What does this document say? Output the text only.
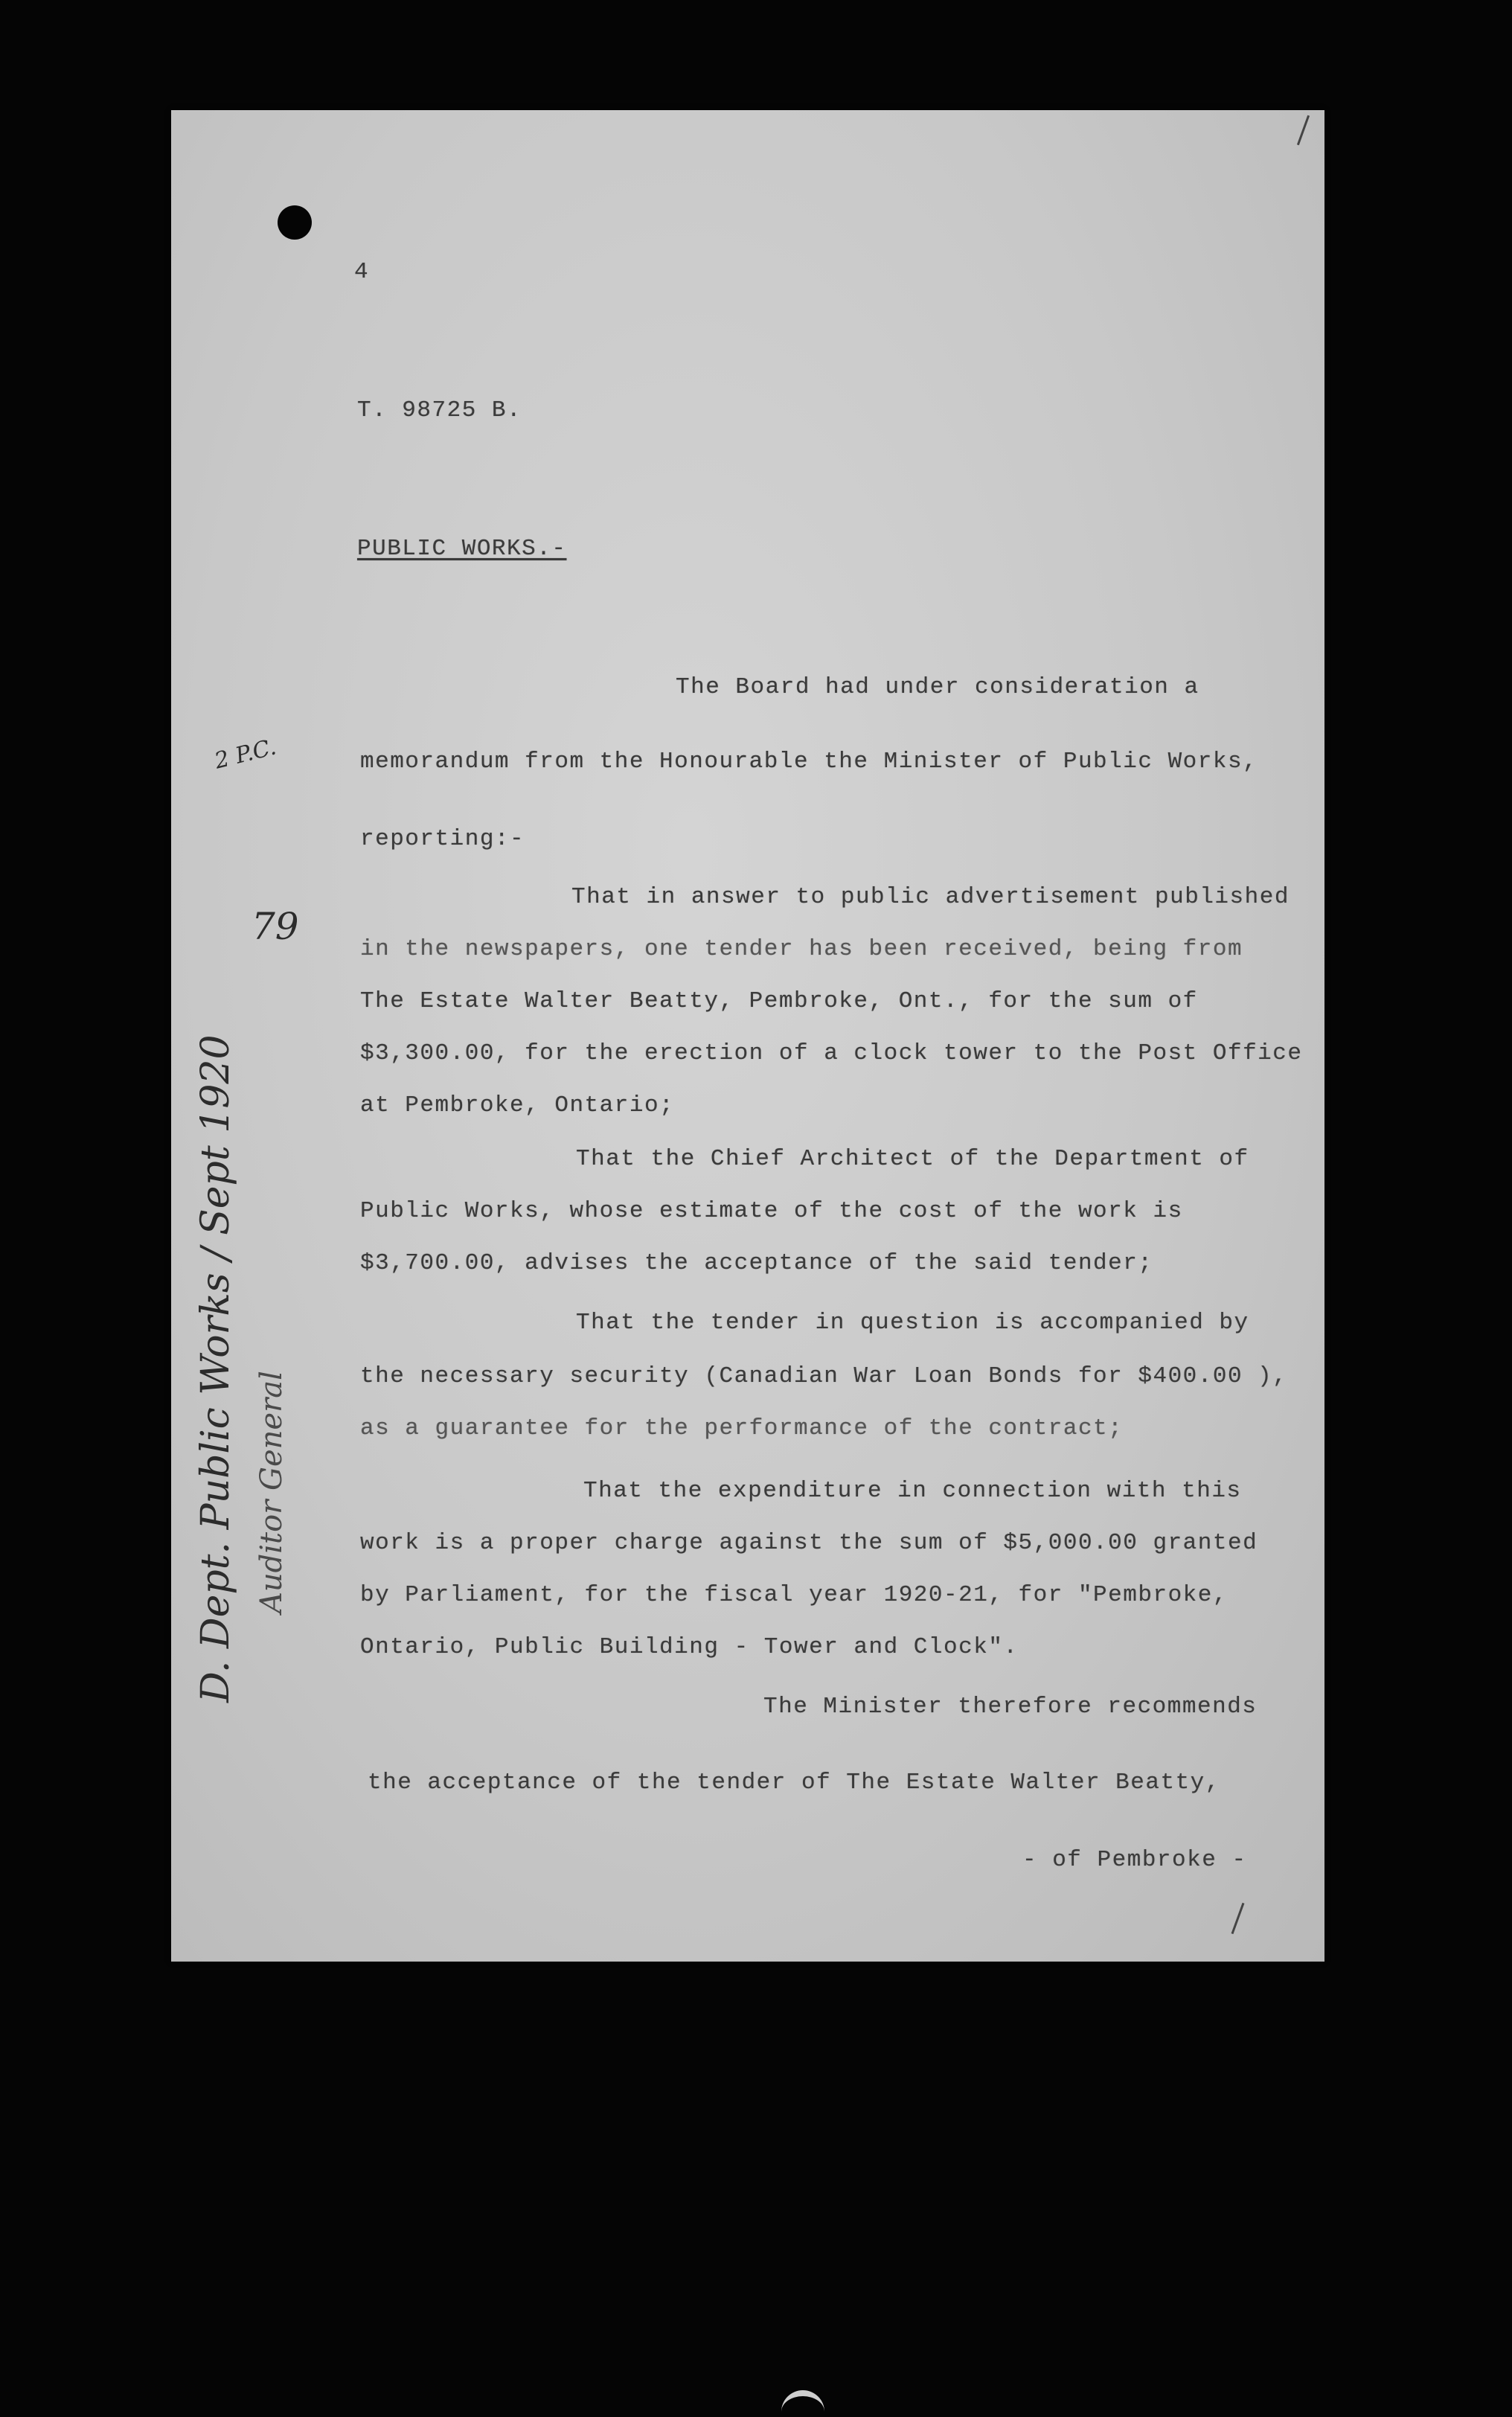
4
T. 98725 B.
PUBLIC WORKS.-
The Board had under consideration a
memorandum from the Honourable the Minister of Public Works,
reporting:-
That in answer to public advertisement published
in the newspapers, one tender has been received, being from
The Estate Walter Beatty, Pembroke, Ont., for the sum of
$3,300.00, for the erection of a clock tower to the Post Office
at Pembroke, Ontario;
That the Chief Architect of the Department of
Public Works, whose estimate of the cost of the work is
$3,700.00, advises the acceptance of the said tender;
That the tender in question is accompanied by
the necessary security (Canadian War Loan Bonds for $400.00 ),
as a guarantee for the performance of the contract;
That the expenditure in connection with this
work is a proper charge against the sum of $5,000.00 granted
by Parliament, for the fiscal year 1920-21, for "Pembroke,
Ontario, Public Building - Tower and Clock".
The Minister therefore recommends
the acceptance of the tender of The Estate Walter Beatty,
- of Pembroke -
2 P.C.
79
D. Dept. Public Works / Sept 1920 Auditor General
